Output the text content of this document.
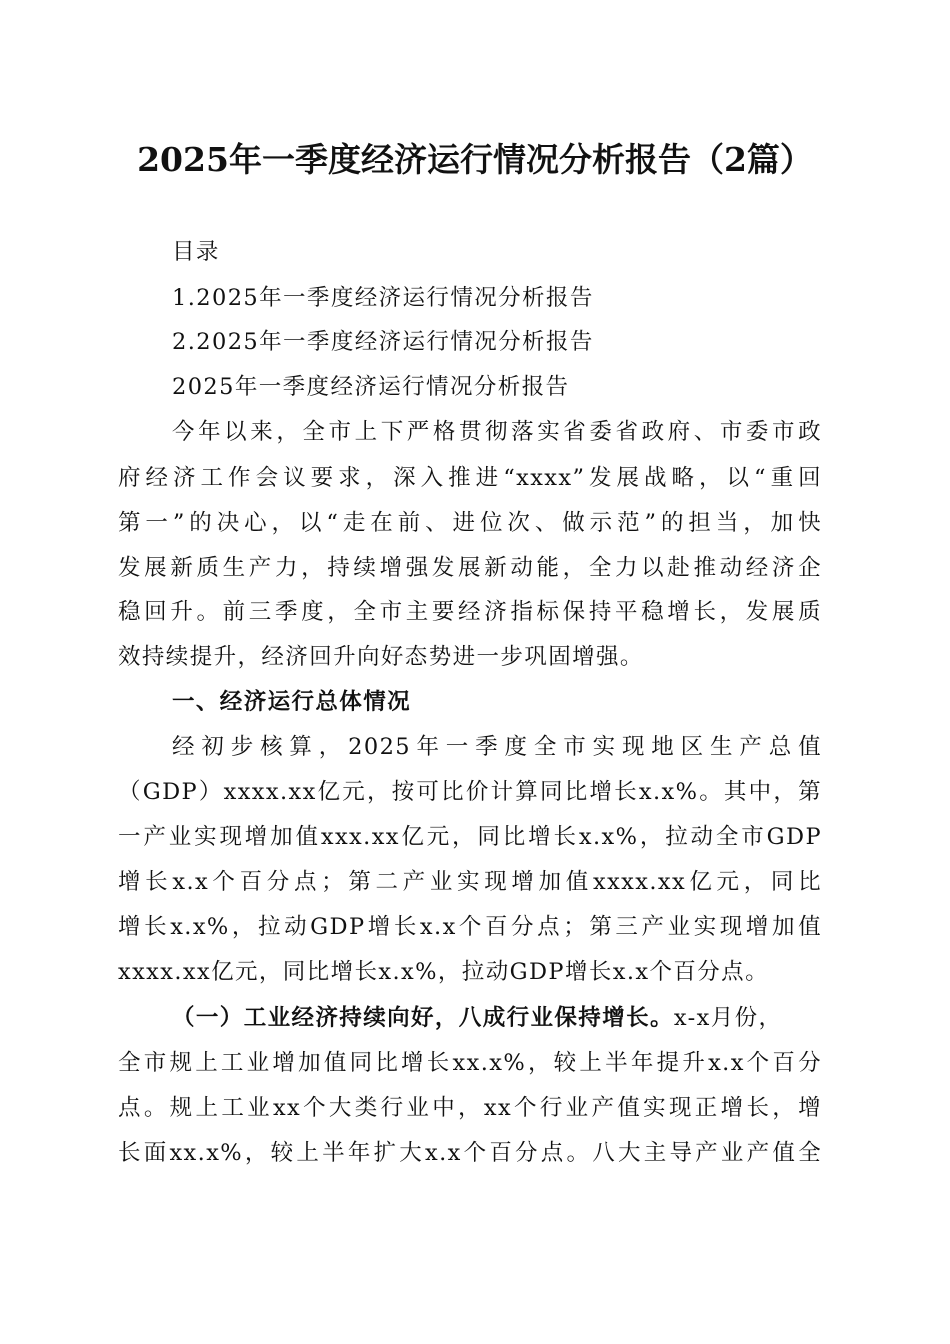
2025年一季度经济运行情况分析报告（2篇）
目录
1.2025年一季度经济运行情况分析报告
2.2025年一季度经济运行情况分析报告
2025年一季度经济运行情况分析报告
今年以来，全市上下严格贯彻落实省委省政府、市委市政
府经济工作会议要求，深入推进“xxxx”发展战略，以“重回
第一”的决心，以“走在前、进位次、做示范”的担当，加快
发展新质生产力，持续增强发展新动能，全力以赴推动经济企
稳回升。前三季度，全市主要经济指标保持平稳增长，发展质
效持续提升，经济回升向好态势进一步巩固增强。
一、经济运行总体情况
经初步核算，2025年一季度全市实现地区生产总值
（GDP）xxxx.xx亿元，按可比价计算同比增长x.x%。其中，第
一产业实现增加值xxx.xx亿元，同比增长x.x%，拉动全市GDP
增长x.x个百分点；第二产业实现增加值xxxx.xx亿元，同比
增长x.x%，拉动GDP增长x.x个百分点；第三产业实现增加值
xxxx.xx亿元，同比增长x.x%，拉动GDP增长x.x个百分点。
（一）工业经济持续向好，八成行业保持增长。x-x月份，
全市规上工业增加值同比增长xx.x%，较上半年提升x.x个百分
点。规上工业xx个大类行业中，xx个行业产值实现正增长，增
长面xx.x%，较上半年扩大x.x个百分点。八大主导产业产值全
